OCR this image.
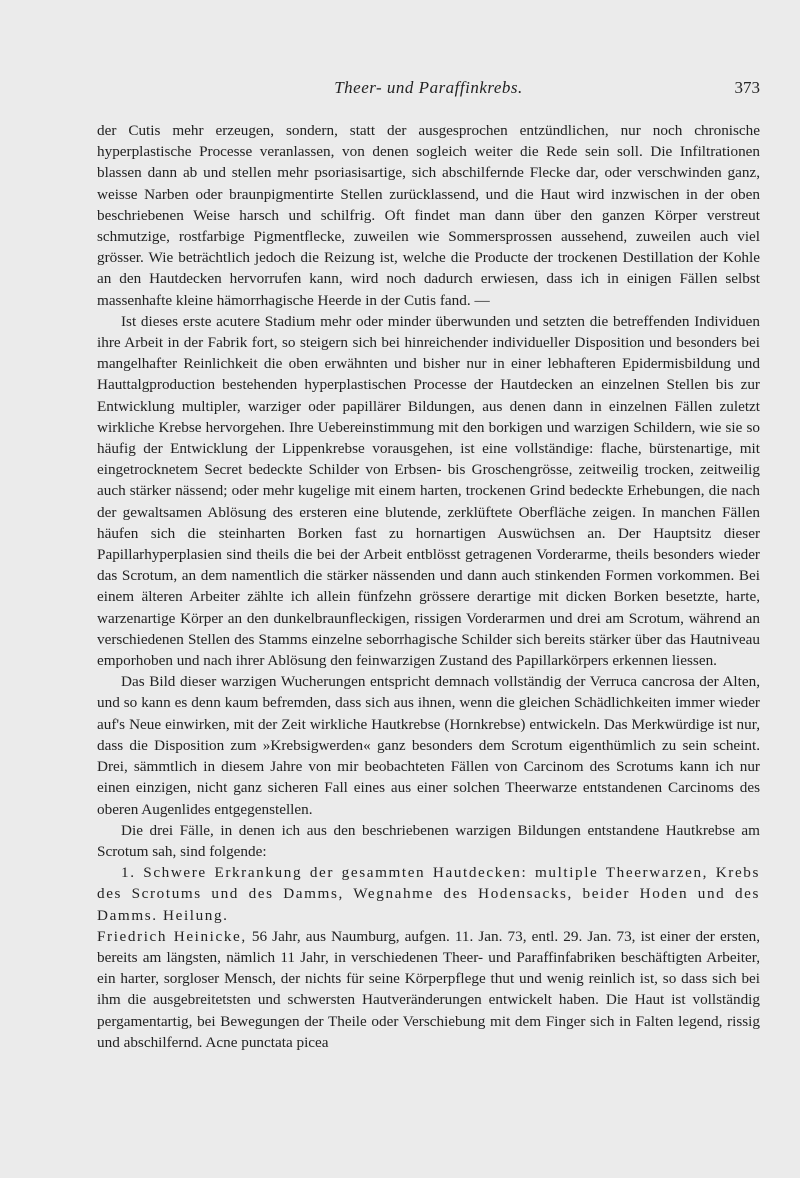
Theer- und Paraffinkrebs.	373

der Cutis mehr erzeugen, sondern, statt der ausgesprochen entzündlichen, nur noch chronische hyperplastische Processe veranlassen, von denen sogleich weiter die Rede sein soll. Die Infiltrationen blassen dann ab und stellen mehr psoriasisartige, sich abschilfernde Flecke dar, oder verschwinden ganz, weisse Narben oder braunpigmentirte Stellen zurücklassend, und die Haut wird inzwischen in der oben beschriebenen Weise harsch und schilfrig. Oft findet man dann über den ganzen Körper verstreut schmutzige, rostfarbige Pigmentflecke, zuweilen wie Sommersprossen aussehend, zuweilen auch viel grösser. Wie beträchtlich jedoch die Reizung ist, welche die Producte der trockenen Destillation der Kohle an den Hautdecken hervorrufen kann, wird noch dadurch erwiesen, dass ich in einigen Fällen selbst massenhafte kleine hämorrhagische Heerde in der Cutis fand. —

Ist dieses erste acutere Stadium mehr oder minder überwunden und setzten die betreffenden Individuen ihre Arbeit in der Fabrik fort, so steigern sich bei hinreichender individueller Disposition und besonders bei mangelhafter Reinlichkeit die oben erwähnten und bisher nur in einer lebhafteren Epidermisbildung und Hauttalgproduction bestehenden hyperplastischen Processe der Hautdecken an einzelnen Stellen bis zur Entwicklung multipler, warziger oder papillärer Bildungen, aus denen dann in einzelnen Fällen zuletzt wirkliche Krebse hervorgehen. Ihre Uebereinstimmung mit den borkigen und warzigen Schildern, wie sie so häufig der Entwicklung der Lippenkrebse vorausgehen, ist eine vollständige: flache, bürstenartige, mit eingetrocknetem Secret bedeckte Schilder von Erbsen- bis Groschengrösse, zeitweilig trocken, zeitweilig auch stärker nässend; oder mehr kugelige mit einem harten, trockenen Grind bedeckte Erhebungen, die nach der gewaltsamen Ablösung des ersteren eine blutende, zerklüftete Oberfläche zeigen. In manchen Fällen häufen sich die steinharten Borken fast zu hornartigen Auswüchsen an. Der Hauptsitz dieser Papillarhyperplasien sind theils die bei der Arbeit entblösst getragenen Vorderarme, theils besonders wieder das Scrotum, an dem namentlich die stärker nässenden und dann auch stinkenden Formen vorkommen. Bei einem älteren Arbeiter zählte ich allein fünfzehn grössere derartige mit dicken Borken besetzte, harte, warzenartige Körper an den dunkelbraunfleckigen, rissigen Vorderarmen und drei am Scrotum, während an verschiedenen Stellen des Stamms einzelne seborrhagische Schilder sich bereits stärker über das Hautniveau emporhoben und nach ihrer Ablösung den feinwarzigen Zustand des Papillarkörpers erkennen liessen.

Das Bild dieser warzigen Wucherungen entspricht demnach vollständig der Verruca cancrosa der Alten, und so kann es denn kaum befremden, dass sich aus ihnen, wenn die gleichen Schädlichkeiten immer wieder auf's Neue einwirken, mit der Zeit wirkliche Hautkrebse (Hornkrebse) entwickeln. Das Merkwürdige ist nur, dass die Disposition zum »Krebsigwerden« ganz besonders dem Scrotum eigenthümlich zu sein scheint. Drei, sämmtlich in diesem Jahre von mir beobachteten Fällen von Carcinom des Scrotums kann ich nur einen einzigen, nicht ganz sicheren Fall eines aus einer solchen Theerwarze entstandenen Carcinoms des oberen Augenlides entgegenstellen.

Die drei Fälle, in denen ich aus den beschriebenen warzigen Bildungen entstandene Hautkrebse am Scrotum sah, sind folgende:

1. Schwere Erkrankung der gesammten Hautdecken: multiple Theerwarzen, Krebs des Scrotums und des Damms, Wegnahme des Hodensacks, beider Hoden und des Damms. Heilung.

Friedrich Heinicke, 56 Jahr, aus Naumburg, aufgen. 11. Jan. 73, entl. 29. Jan. 73, ist einer der ersten, bereits am längsten, nämlich 11 Jahr, in verschiedenen Theer- und Paraffinfabriken beschäftigten Arbeiter, ein harter, sorgloser Mensch, der nichts für seine Körperpflege thut und wenig reinlich ist, so dass sich bei ihm die ausgebreitetsten und schwersten Hautveränderungen entwickelt haben. Die Haut ist vollständig pergamentartig, bei Bewegungen der Theile oder Verschiebung mit dem Finger sich in Falten legend, rissig und abschilfernd. Acne punctata picea
